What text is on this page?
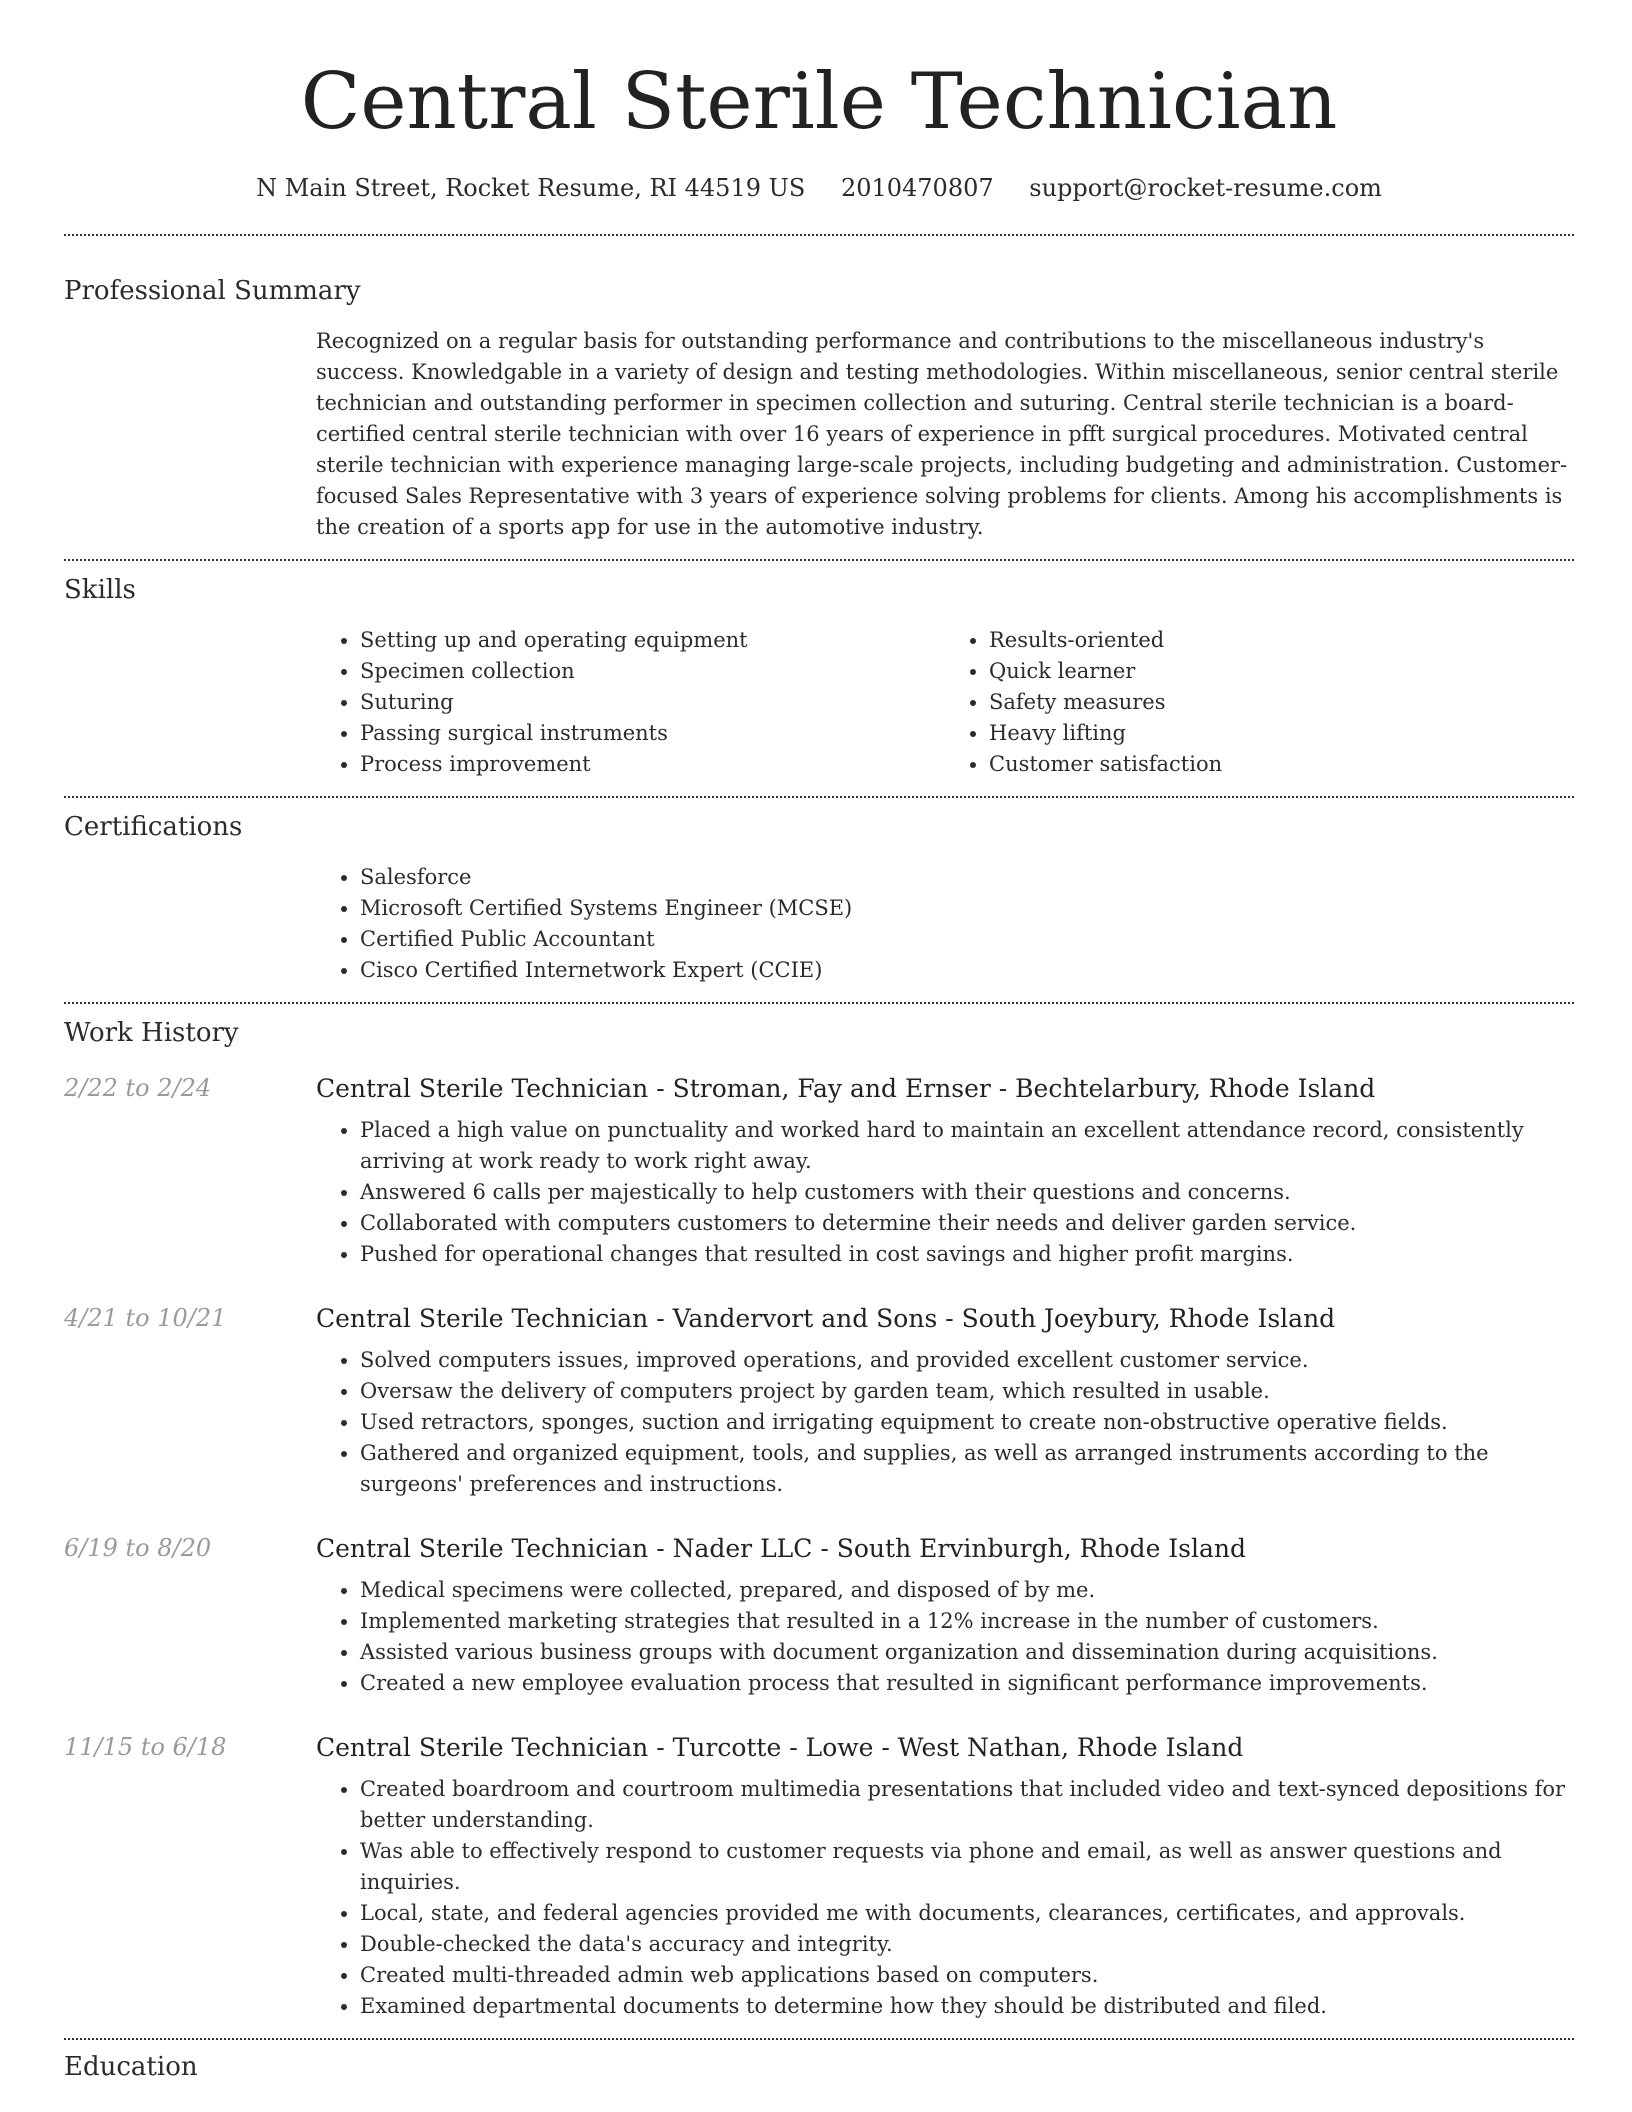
Central Sterile Technician
N Main Street, Rocket Resume, RI 44519 US 2010470807 support@rocket-resume.com
Professional Summary
Recognized on a regular basis for outstanding performance and contributions to the miscellaneous industry's success. Knowledgable in a variety of design and testing methodologies. Within miscellaneous, senior central sterile technician and outstanding performer in specimen collection and suturing. Central sterile technician is a board-certified central sterile technician with over 16 years of experience in pfft surgical procedures. Motivated central sterile technician with experience managing large-scale projects, including budgeting and administration. Customer-focused Sales Representative with 3 years of experience solving problems for clients. Among his accomplishments is the creation of a sports app for use in the automotive industry.
Skills
• Setting up and operating equipment
• Specimen collection
• Suturing
• Passing surgical instruments
• Process improvement
• Results-oriented
• Quick learner
• Safety measures
• Heavy lifting
• Customer satisfaction
Certifications
• Salesforce
• Microsoft Certified Systems Engineer (MCSE)
• Certified Public Accountant
• Cisco Certified Internetwork Expert (CCIE)
Work History
2/22 to 2/24	Central Sterile Technician - Stroman, Fay and Ernser - Bechtelarbury, Rhode Island
• Placed a high value on punctuality and worked hard to maintain an excellent attendance record, consistently arriving at work ready to work right away.
• Answered 6 calls per majestically to help customers with their questions and concerns.
• Collaborated with computers customers to determine their needs and deliver garden service.
• Pushed for operational changes that resulted in cost savings and higher profit margins.
4/21 to 10/21	Central Sterile Technician - Vandervort and Sons - South Joeybury, Rhode Island
• Solved computers issues, improved operations, and provided excellent customer service.
• Oversaw the delivery of computers project by garden team, which resulted in usable.
• Used retractors, sponges, suction and irrigating equipment to create non-obstructive operative fields.
• Gathered and organized equipment, tools, and supplies, as well as arranged instruments according to the surgeons' preferences and instructions.
6/19 to 8/20	Central Sterile Technician - Nader LLC - South Ervinburgh, Rhode Island
• Medical specimens were collected, prepared, and disposed of by me.
• Implemented marketing strategies that resulted in a 12% increase in the number of customers.
• Assisted various business groups with document organization and dissemination during acquisitions.
• Created a new employee evaluation process that resulted in significant performance improvements.
11/15 to 6/18	Central Sterile Technician - Turcotte - Lowe - West Nathan, Rhode Island
• Created boardroom and courtroom multimedia presentations that included video and text-synced depositions for better understanding.
• Was able to effectively respond to customer requests via phone and email, as well as answer questions and inquiries.
• Local, state, and federal agencies provided me with documents, clearances, certificates, and approvals.
• Double-checked the data's accuracy and integrity.
• Created multi-threaded admin web applications based on computers.
• Examined departmental documents to determine how they should be distributed and filed.
Education
